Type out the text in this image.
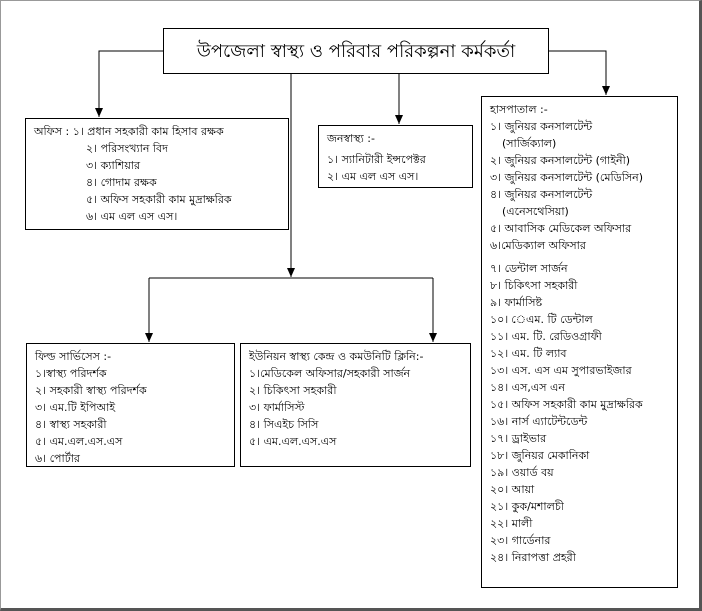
উপজেলা স্বাস্থ্য ও পরিবার পরিকল্পনা কর্মকর্তা
অফিস : ১। প্রধান সহকারী কাম হিসাব রক্ষক
২। পরিসংখ্যান বিদ
৩। ক্যাশিয়ার
৪। গোদাম রক্ষক
৫। অফিস সহকারী কাম মুদ্রাক্ষরিক
৬। এম এল এস এস।
জনস্বাস্থ্য :-
১। স্যানিটারী ইন্সপেক্টর
২। এম এল এস এস।
হাসপাতাল :-
১। জুনিয়র কনসালটেন্ট
(সার্জিক্যাল)
২। জুনিয়র কনসালটেন্ট (গাইনী)
৩। জুনিয়র কনসালটেন্ট (মেডিসিন)
৪। জুনিয়র কনসালটেন্ট
(এনেসথেসিয়া)
৫। আবাসিক মেডিকেল অফিসার
৬।মেডিক্যাল অফিসার
৭। ডেন্টাল সার্জন
৮। চিকিৎসা সহকারী
৯। ফার্মাসিষ্ট
১০। েএম. টি ডেন্টাল
১১। এম. টি. রেডিওগ্রাফী
১২। এম. টি ল্যাব
১৩। এস. এস এম সুপারভাইজার
১৪। এস,এস এন
১৫। অফিস সহকারী কাম মুদ্রাক্ষরিক
১৬। নার্স এ্যাটেন্টডেন্ট
১৭। ড্রাইভার
১৮। জুনিয়র মেকানিকা
১৯। ওয়ার্ড বয়
২০। আয়া
২১। কুক/মশালচী
২২। মালী
২৩। গার্ডেনার
২৪। নিরাপত্তা প্রহরী
ফিল্ড সার্ভিসেস :-
১।স্বাস্থ্য পরিদর্শক
২। সহকারী স্বাস্থ্য পরিদর্শক
৩। এম.টি ইপিআই
৪। স্বাস্থ্য সহকারী
৫। এম.এল.এস.এস
৬। পোর্টার
ইউনিয়ন স্বাস্থ্য কেন্দ্র ও কমউনিটি ক্লিনি:-
১।মেডিকেল অফিসার/সহকারী সার্জন
২। চিকিৎসা সহকারী
৩। ফার্মাসিস্ট
৪। সিএইচ সিসি
৫। এম.এল.এস.এস
